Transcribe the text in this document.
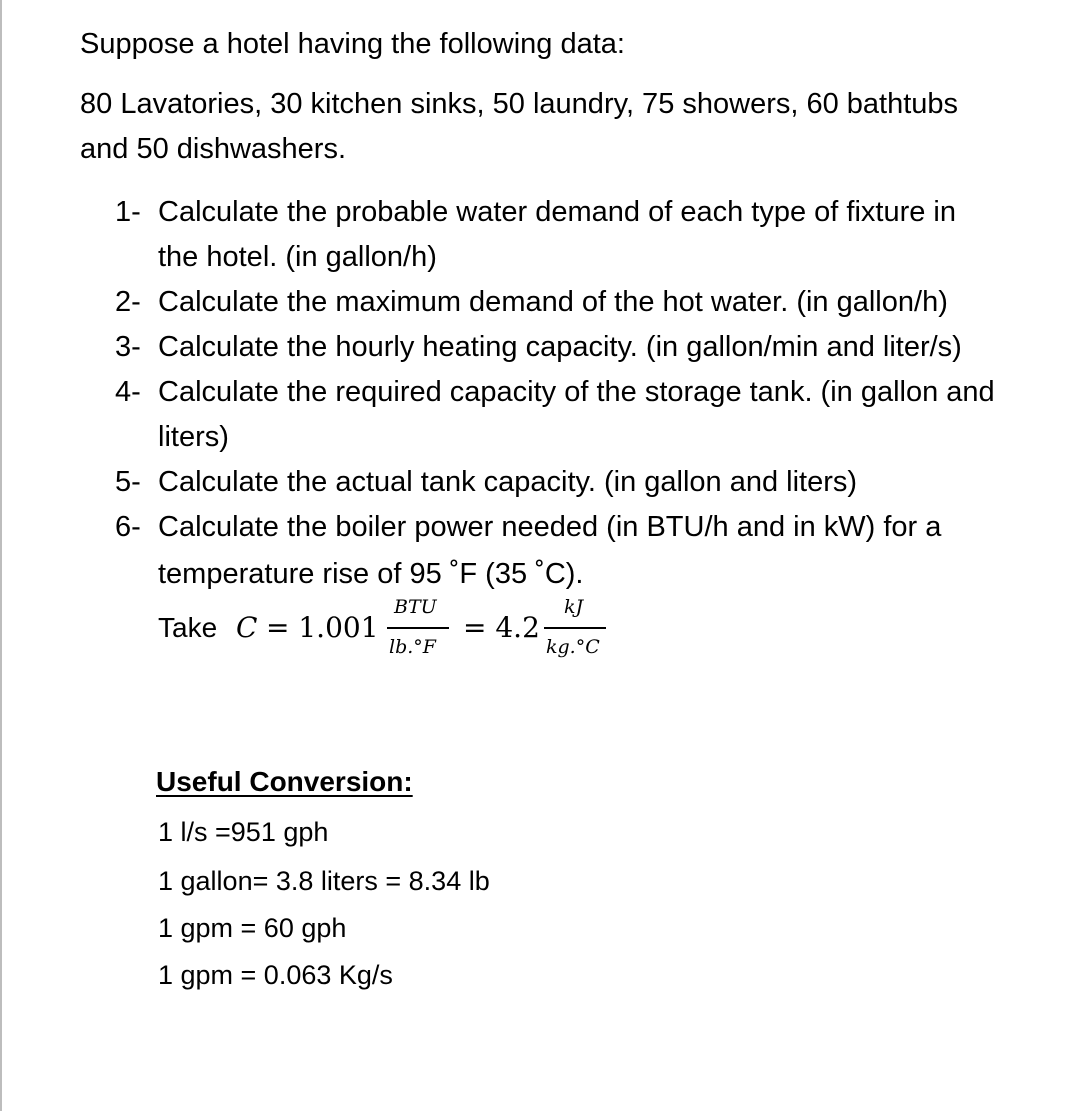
Suppose a hotel having the following data:
80 Lavatories, 30 kitchen sinks, 50 laundry, 75 showers, 60 bathtubs
and 50 dishwashers.
1- Calculate the probable water demand of each type of fixture in
the hotel. (in gallon/h)
2- Calculate the maximum demand of the hot water. (in gallon/h)
3- Calculate the hourly heating capacity. (in gallon/min and liter/s)
4- Calculate the required capacity of the storage tank. (in gallon and
liters)
5- Calculate the actual tank capacity. (in gallon and liters)
6- Calculate the boiler power needed (in BTU/h and in kW) for a
temperature rise of 95 ˚F (35 ˚C).
Take C = 1.001
BTU
lb.°F
= 4.2
kJ
kg.°C
Useful Conversion:
1 l/s =951 gph
1 gallon= 3.8 liters = 8.34 lb
1 gpm = 60 gph
1 gpm = 0.063 Kg/s
